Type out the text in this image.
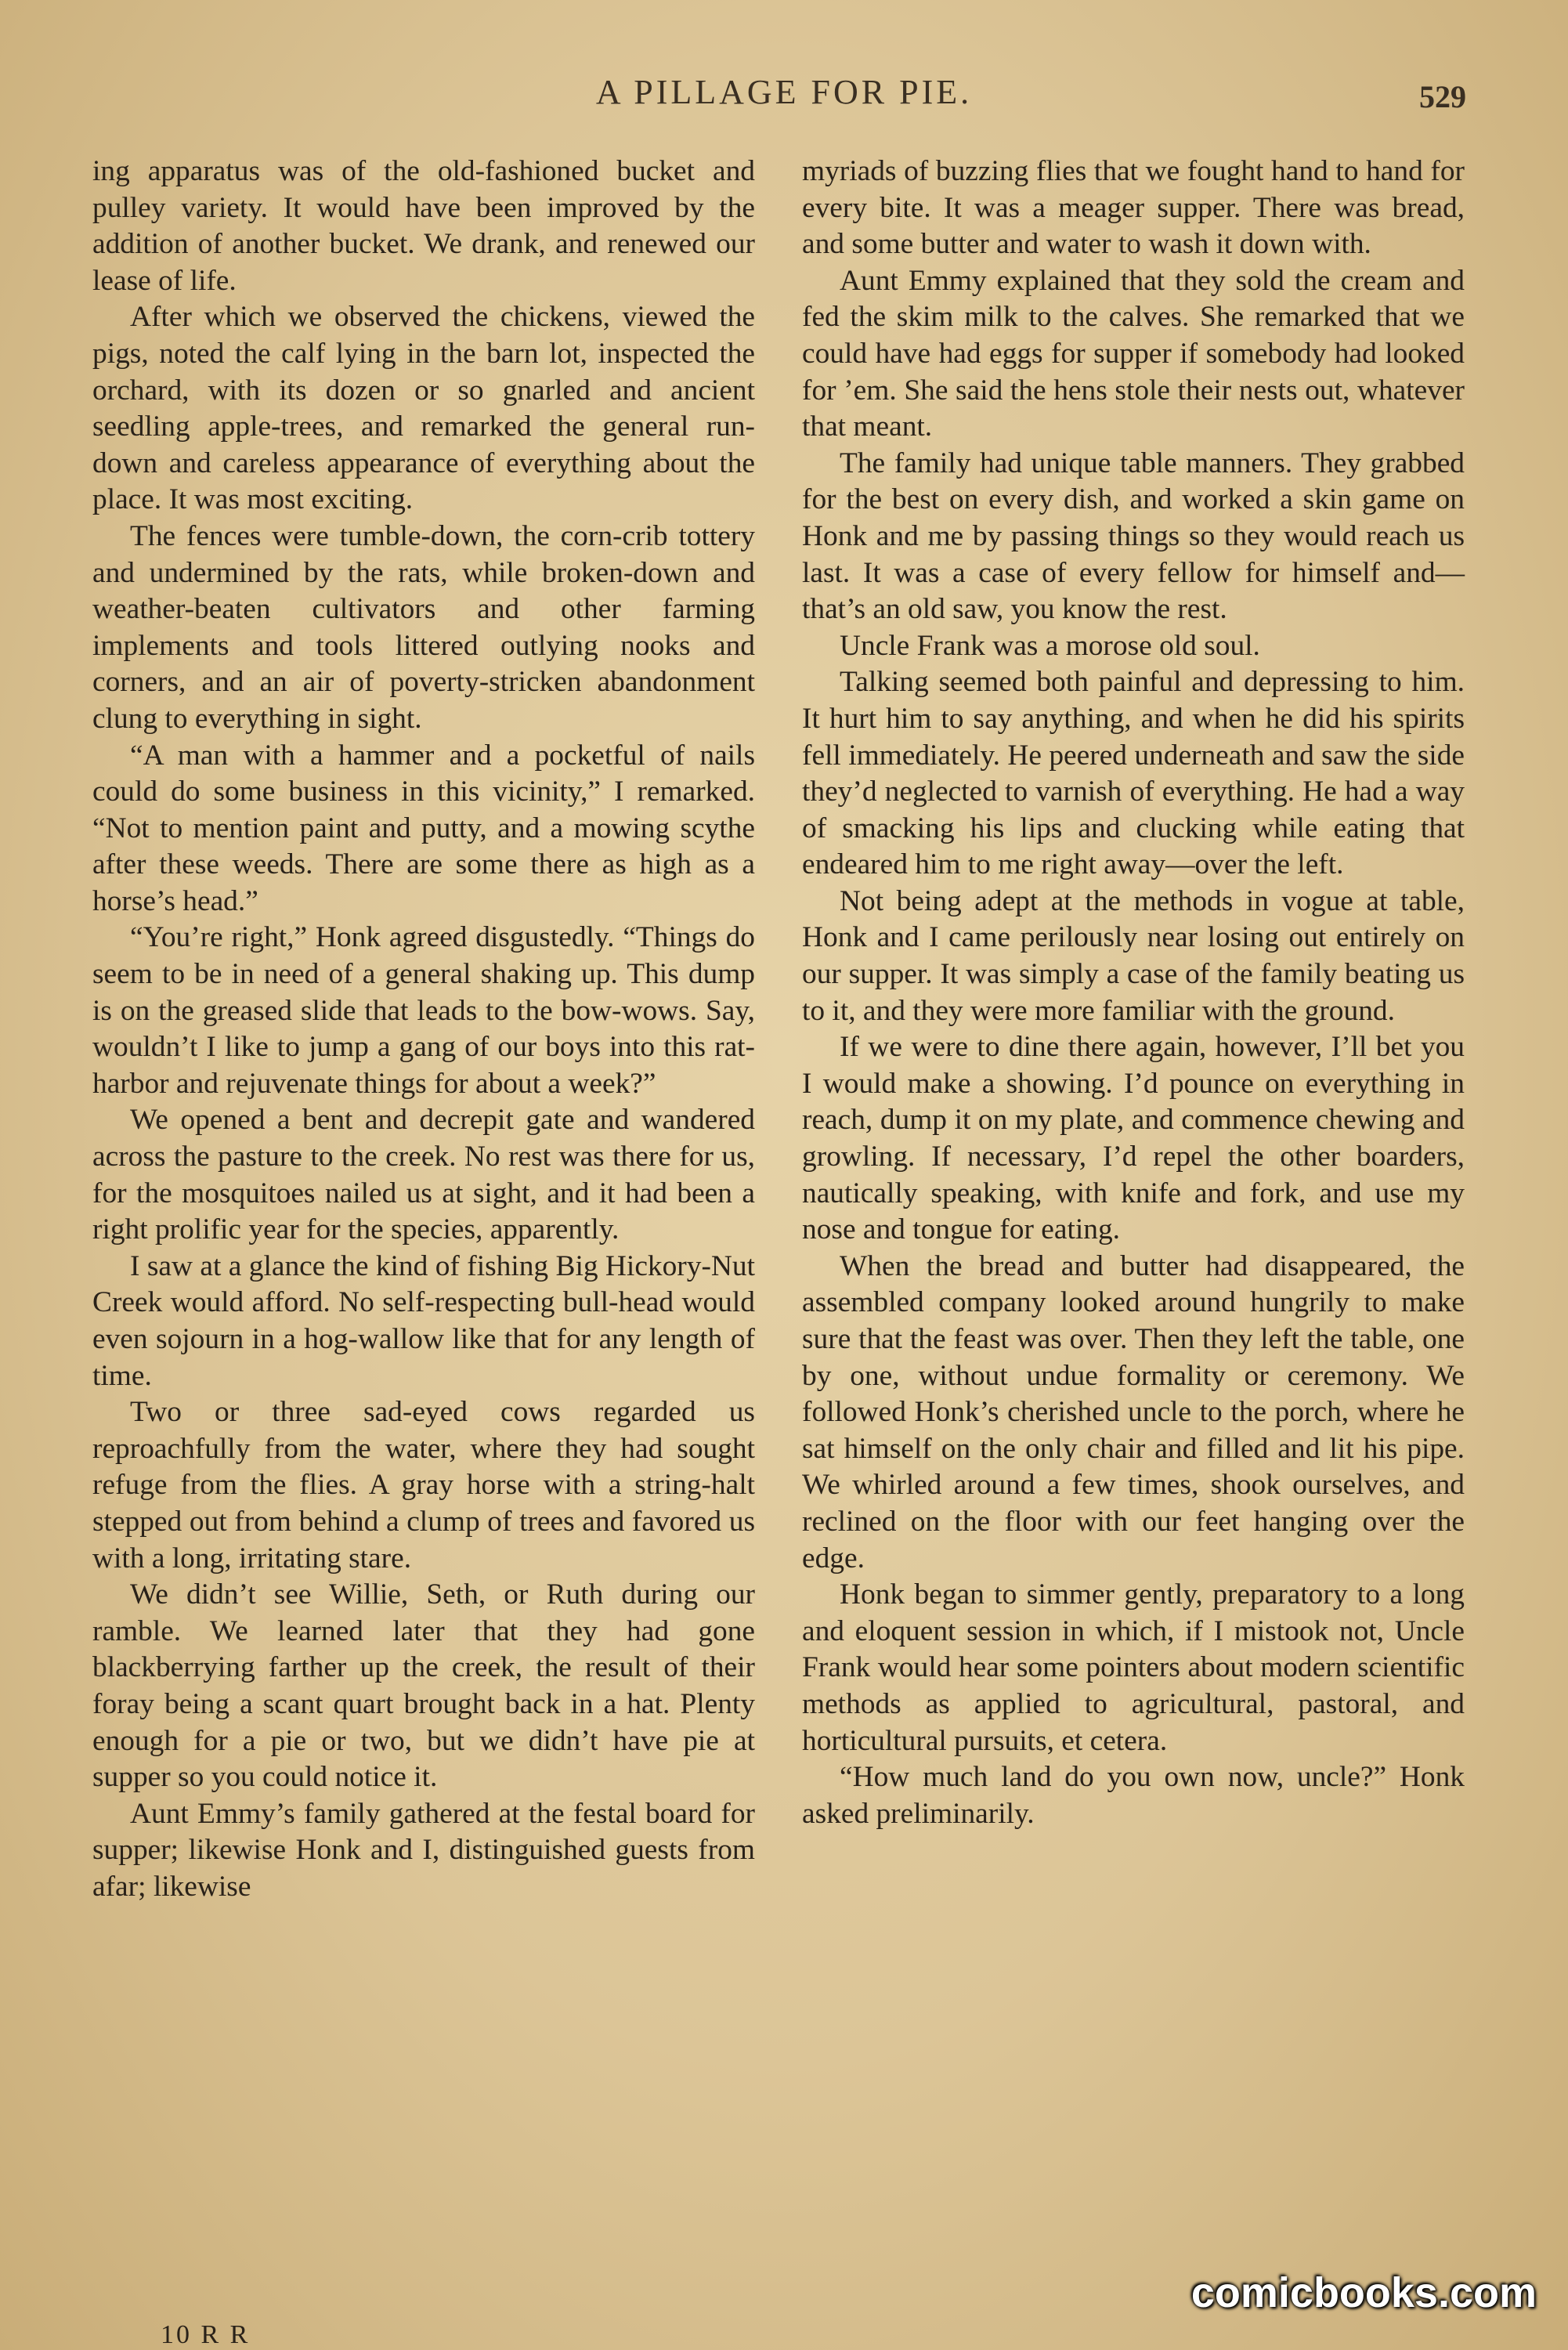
A PILLAGE FOR PIE.	529

ing apparatus was of the old-fashioned bucket and pulley variety. It would have been improved by the addition of another bucket. We drank, and renewed our lease of life.

After which we observed the chickens, viewed the pigs, noted the calf lying in the barn lot, inspected the orchard, with its dozen or so gnarled and ancient seedling apple-trees, and remarked the general run-down and careless appearance of everything about the place. It was most exciting.

The fences were tumble-down, the corn-crib tottery and undermined by the rats, while broken-down and weather-beaten cultivators and other farming implements and tools littered outlying nooks and corners, and an air of poverty-stricken abandonment clung to everything in sight.

“A man with a hammer and a pocketful of nails could do some business in this vicinity,” I remarked. “Not to mention paint and putty, and a mowing scythe after these weeds. There are some there as high as a horse’s head.”

“You’re right,” Honk agreed disgustedly. “Things do seem to be in need of a general shaking up. This dump is on the greased slide that leads to the bow-wows. Say, wouldn’t I like to jump a gang of our boys into this rat-harbor and rejuvenate things for about a week?”

We opened a bent and decrepit gate and wandered across the pasture to the creek. No rest was there for us, for the mosquitoes nailed us at sight, and it had been a right prolific year for the species, apparently.

I saw at a glance the kind of fishing Big Hickory-Nut Creek would afford. No self-respecting bull-head would even sojourn in a hog-wallow like that for any length of time.

Two or three sad-eyed cows regarded us reproachfully from the water, where they had sought refuge from the flies. A gray horse with a string-halt stepped out from behind a clump of trees and favored us with a long, irritating stare.

We didn’t see Willie, Seth, or Ruth during our ramble. We learned later that they had gone blackberrying farther up the creek, the result of their foray being a scant quart brought back in a hat. Plenty enough for a pie or two, but we didn’t have pie at supper so you could notice it.

Aunt Emmy’s family gathered at the festal board for supper; likewise Honk and I, distinguished guests from afar; likewise

myriads of buzzing flies that we fought hand to hand for every bite. It was a meager supper. There was bread, and some butter and water to wash it down with.

Aunt Emmy explained that they sold the cream and fed the skim milk to the calves. She remarked that we could have had eggs for supper if somebody had looked for ’em. She said the hens stole their nests out, whatever that meant.

The family had unique table manners. They grabbed for the best on every dish, and worked a skin game on Honk and me by passing things so they would reach us last. It was a case of every fellow for himself and—that’s an old saw, you know the rest.

Uncle Frank was a morose old soul.

Talking seemed both painful and depressing to him. It hurt him to say anything, and when he did his spirits fell immediately. He peered underneath and saw the side they’d neglected to varnish of everything. He had a way of smacking his lips and clucking while eating that endeared him to me right away—over the left.

Not being adept at the methods in vogue at table, Honk and I came perilously near losing out entirely on our supper. It was simply a case of the family beating us to it, and they were more familiar with the ground.

If we were to dine there again, however, I’ll bet you I would make a showing. I’d pounce on everything in reach, dump it on my plate, and commence chewing and growling. If necessary, I’d repel the other boarders, nautically speaking, with knife and fork, and use my nose and tongue for eating.

When the bread and butter had disappeared, the assembled company looked around hungrily to make sure that the feast was over. Then they left the table, one by one, without undue formality or ceremony. We followed Honk’s cherished uncle to the porch, where he sat himself on the only chair and filled and lit his pipe. We whirled around a few times, shook ourselves, and reclined on the floor with our feet hanging over the edge.

Honk began to simmer gently, preparatory to a long and eloquent session in which, if I mistook not, Uncle Frank would hear some pointers about modern scientific methods as applied to agricultural, pastoral, and horticultural pursuits, et cetera.

“How much land do you own now, uncle?” Honk asked preliminarily.

10 R R
comicbooks.com
